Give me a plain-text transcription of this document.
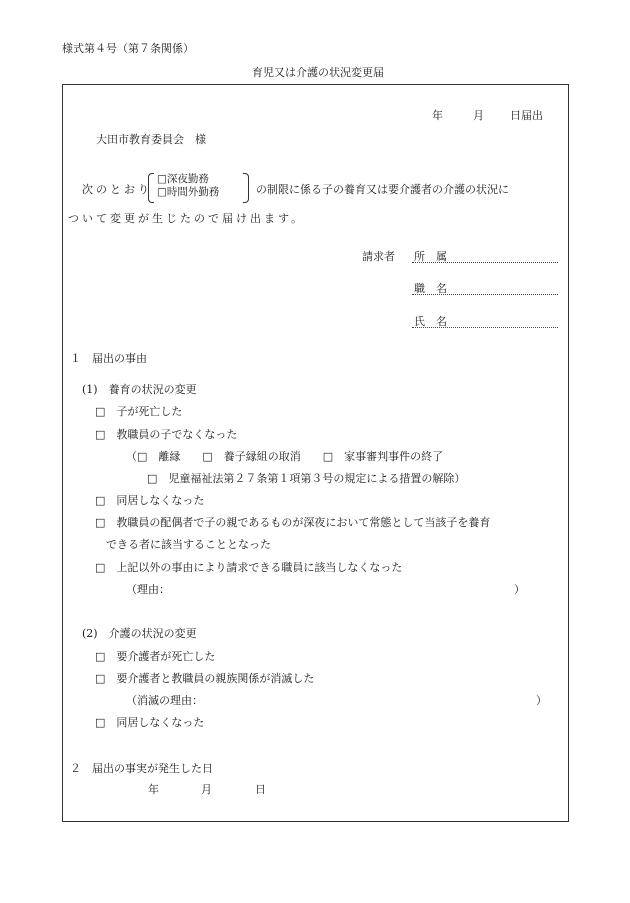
様式第４号（第７条関係）
育児又は介護の状況変更届
年	月 日届出
大田市教育委員会　様
次のとおり
□深夜勤務
□時間外勤務	の制限に係る子の養育又は要介護者の介護の状況に
ついて変更が生じたので届け出ます。
請求者 所　属
職　名
氏　名
１　届出の事由
(1)　養育の状況の変更
□　子が死亡した
□　教職員の子でなくなった
（□　離縁　　□　養子縁組の取消　　□　家事審判事件の終了
□　児童福祉法第２７条第１項第３号の規定による措置の解除）
□　同居しなくなった
□　教職員の配偶者で子の親であるものが深夜において常態として当該子を養育
できる者に該当することとなった
□　上記以外の事由により請求できる職員に該当しなくなった
（理由：	）
(2)　介護の状況の変更
□　要介護者が死亡した
□　要介護者と教職員の親族関係が消滅した
（消滅の理由：	）
□　同居しなくなった
２　届出の事実が発生した日
年	月	日
